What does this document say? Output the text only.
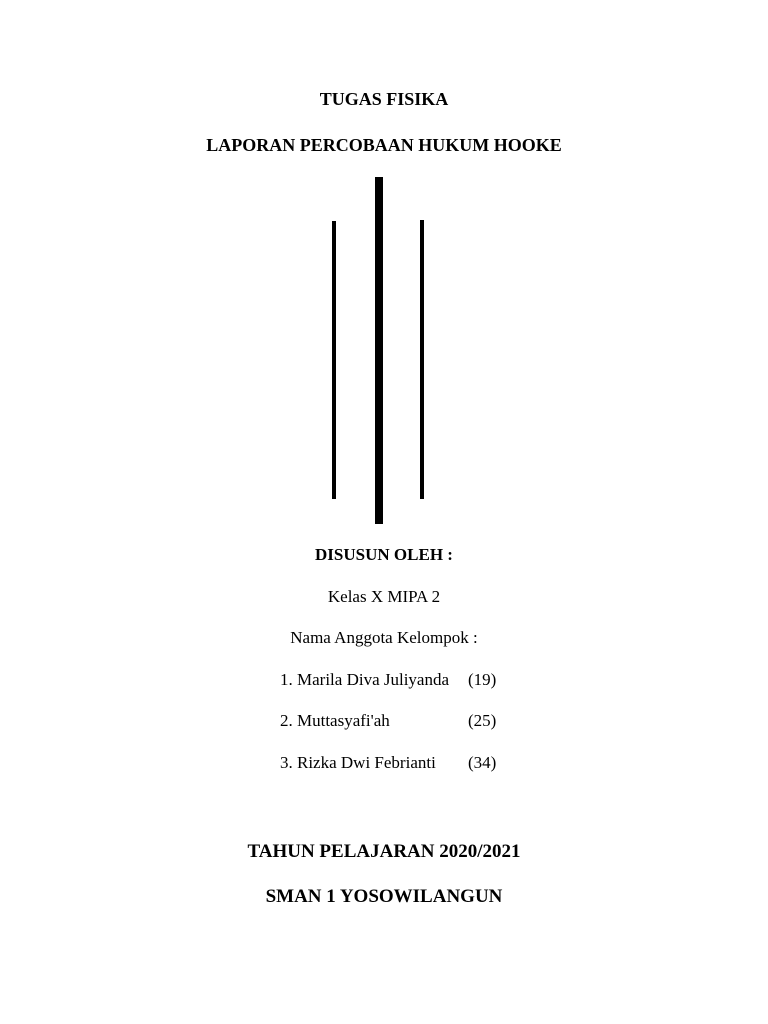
TUGAS FISIKA
LAPORAN PERCOBAAN HUKUM HOOKE
DISUSUN OLEH :
Kelas X MIPA 2
Nama Anggota Kelompok :
1. Marila Diva Juliyanda (19)
2. Muttasyafi'ah	(25)
3. Rizka Dwi Febrianti (34)
TAHUN PELAJARAN 2020/2021
SMAN 1 YOSOWILANGUN
